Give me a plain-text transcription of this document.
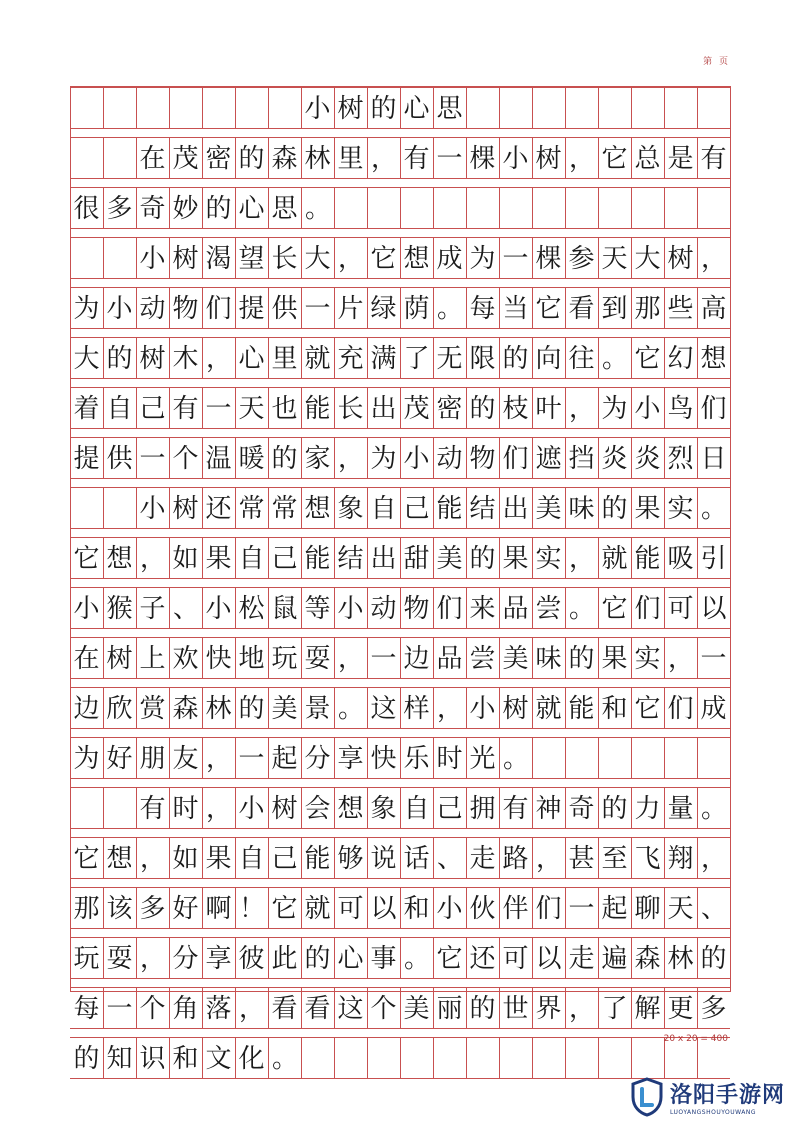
第 页
小 树 的 心 思
在 茂 密 的 森 林 里 ， 有 一 棵 小 树 ， 它 总 是 有
很 多 奇 妙 的 心 思 。
小 树 渴 望 长 大 ， 它 想 成 为 一 棵 参 天 大 树 ，
为 小 动 物 们 提 供 一 片 绿 荫 。 每 当 它 看 到 那 些 高
大 的 树 木 ， 心 里 就 充 满 了 无 限 的 向 往 。 它 幻 想
着 自 己 有 一 天 也 能 长 出 茂 密 的 枝 叶 ， 为 小 鸟 们
提 供 一 个 温 暖 的 家 ， 为 小 动 物 们 遮 挡 炎 炎 烈 日
小 树 还 常 常 想 象 自 己 能 结 出 美 味 的 果 实 。
它 想 ， 如 果 自 己 能 结 出 甜 美 的 果 实 ， 就 能 吸 引
小 猴 子 、 小 松 鼠 等 小 动 物 们 来 品 尝 。 它 们 可 以
在 树 上 欢 快 地 玩 耍 ， 一 边 品 尝 美 味 的 果 实 ， 一
边 欣 赏 森 林 的 美 景 。 这 样 ， 小 树 就 能 和 它 们 成
为 好 朋 友 ， 一 起 分 享 快 乐 时 光 。
有 时 ， 小 树 会 想 象 自 己 拥 有 神 奇 的 力 量 。
它 想 ， 如 果 自 己 能 够 说 话 、 走 路 ， 甚 至 飞 翔 ，
那 该 多 好 啊 ！ 它 就 可 以 和 小 伙 伴 们 一 起 聊 天 、
玩 耍 ， 分 享 彼 此 的 心 事 。 它 还 可 以 走 遍 森 林 的
每 一 个 角 落 ， 看 看 这 个 美 丽 的 世 界 ， 了 解 更 多
的 知 识 和 文 化 。
20 x 20 = 400
洛阳手游网
LUOYANGSHOUYOUWANG
